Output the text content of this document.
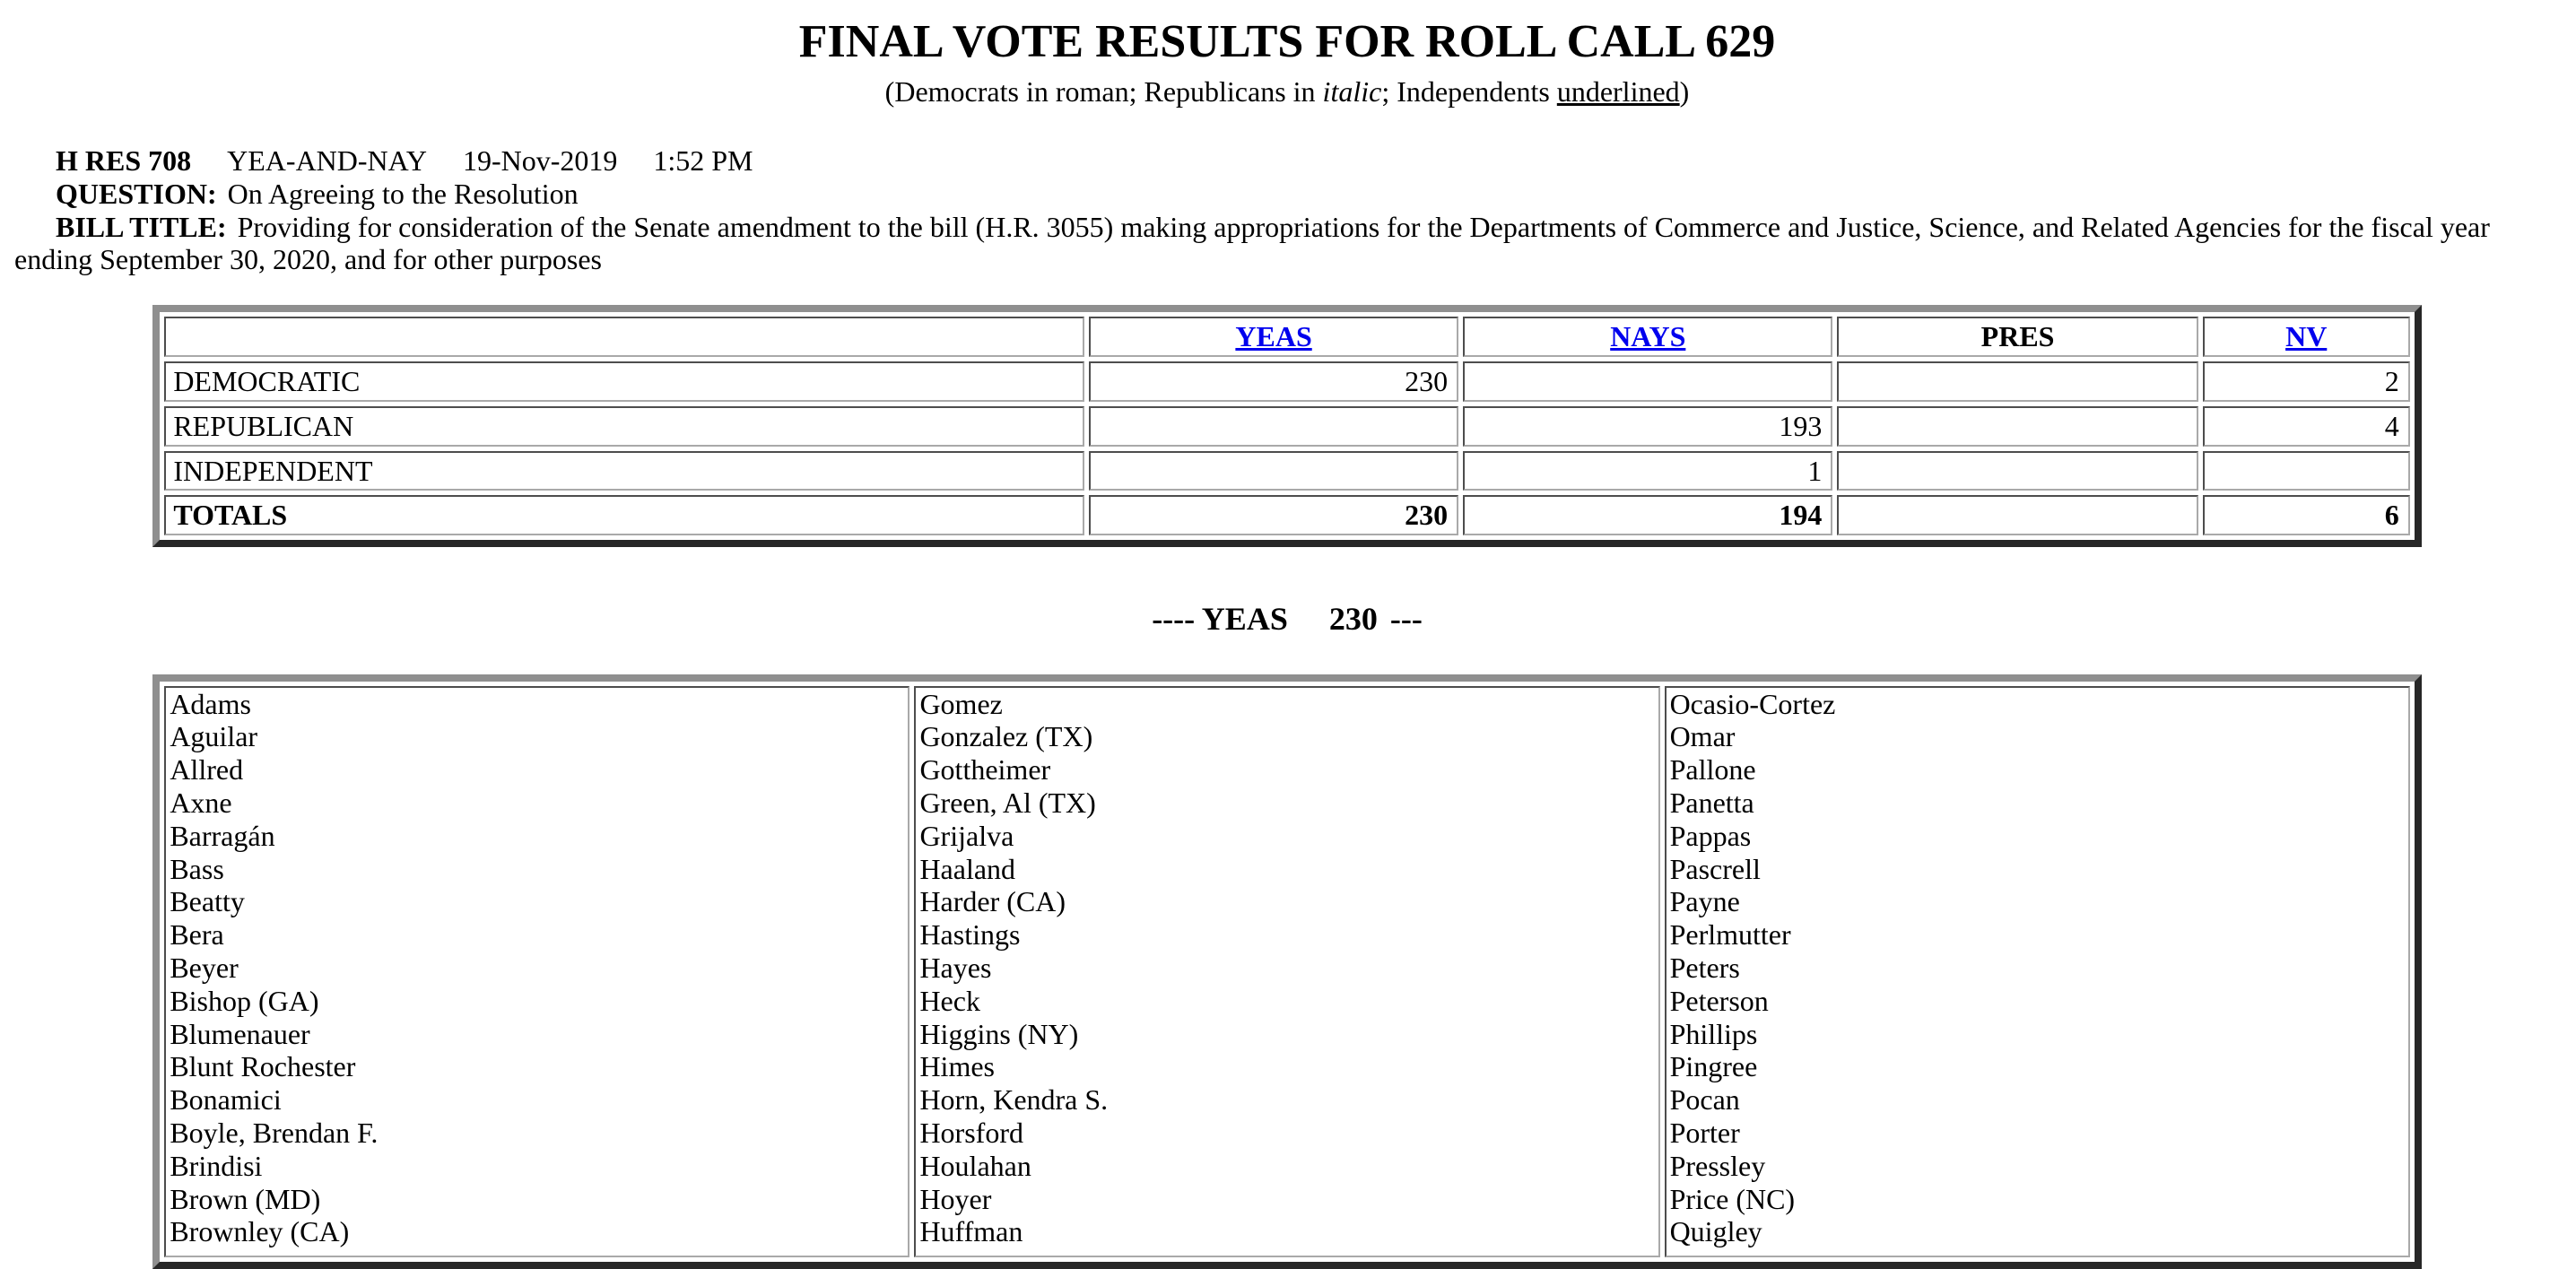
FINAL VOTE RESULTS FOR ROLL CALL 629
(Democrats in roman; Republicans in italic; Independents underlined)
H RES 708 YEA-AND-NAY 19-Nov-2019 1:52 PM
QUESTION: On Agreeing to the Resolution
BILL TITLE: Providing for consideration of the Senate amendment to the bill (H.R. 3055) making appropriations for the Departments of Commerce and Justice, Science, and Related Agencies for the fiscal year ending September 30, 2020, and for other purposes
	YEAS	NAYS	PRES	NV
DEMOCRATIC	230			2
REPUBLICAN		193		4
INDEPENDENT		1		
TOTALS	230	194		6
---- YEAS 230 ---
Adams
Aguilar
Allred
Axne
Barragán
Bass
Beatty
Bera
Beyer
Bishop (GA)
Blumenauer
Blunt Rochester
Bonamici
Boyle, Brendan F.
Brindisi
Brown (MD)
Brownley (CA)

Gomez
Gonzalez (TX)
Gottheimer
Green, Al (TX)
Grijalva
Haaland
Harder (CA)
Hastings
Hayes
Heck
Higgins (NY)
Himes
Horn, Kendra S.
Horsford
Houlahan
Hoyer
Huffman

Ocasio-Cortez
Omar
Pallone
Panetta
Pappas
Pascrell
Payne
Perlmutter
Peters
Peterson
Phillips
Pingree
Pocan
Porter
Pressley
Price (NC)
Quigley
